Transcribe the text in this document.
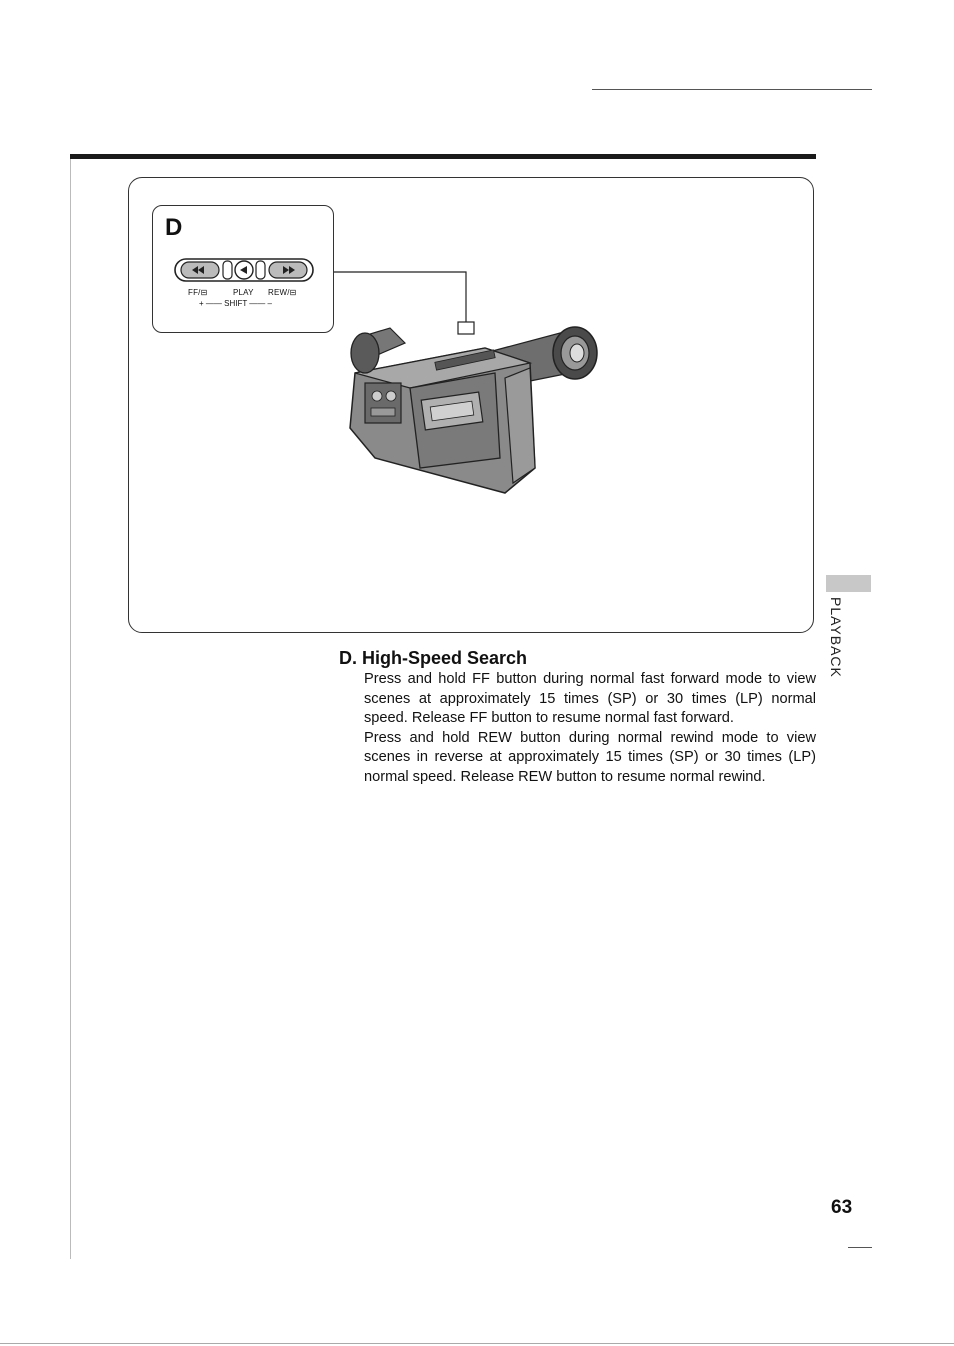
D
FF/⊟	PLAY REW/⊟
+ —— SHIFT —— –
PLAYBACK
D. High-Speed Search

Press and hold FF button during normal fast forward mode to view scenes at approximately 15 times (SP) or 30 times (LP) normal speed. Release FF button to resume normal fast forward.

Press and hold REW button during normal rewind mode to view scenes in reverse at approximately 15 times (SP) or 30 times (LP) normal speed. Release REW button to resume normal rewind.

63
